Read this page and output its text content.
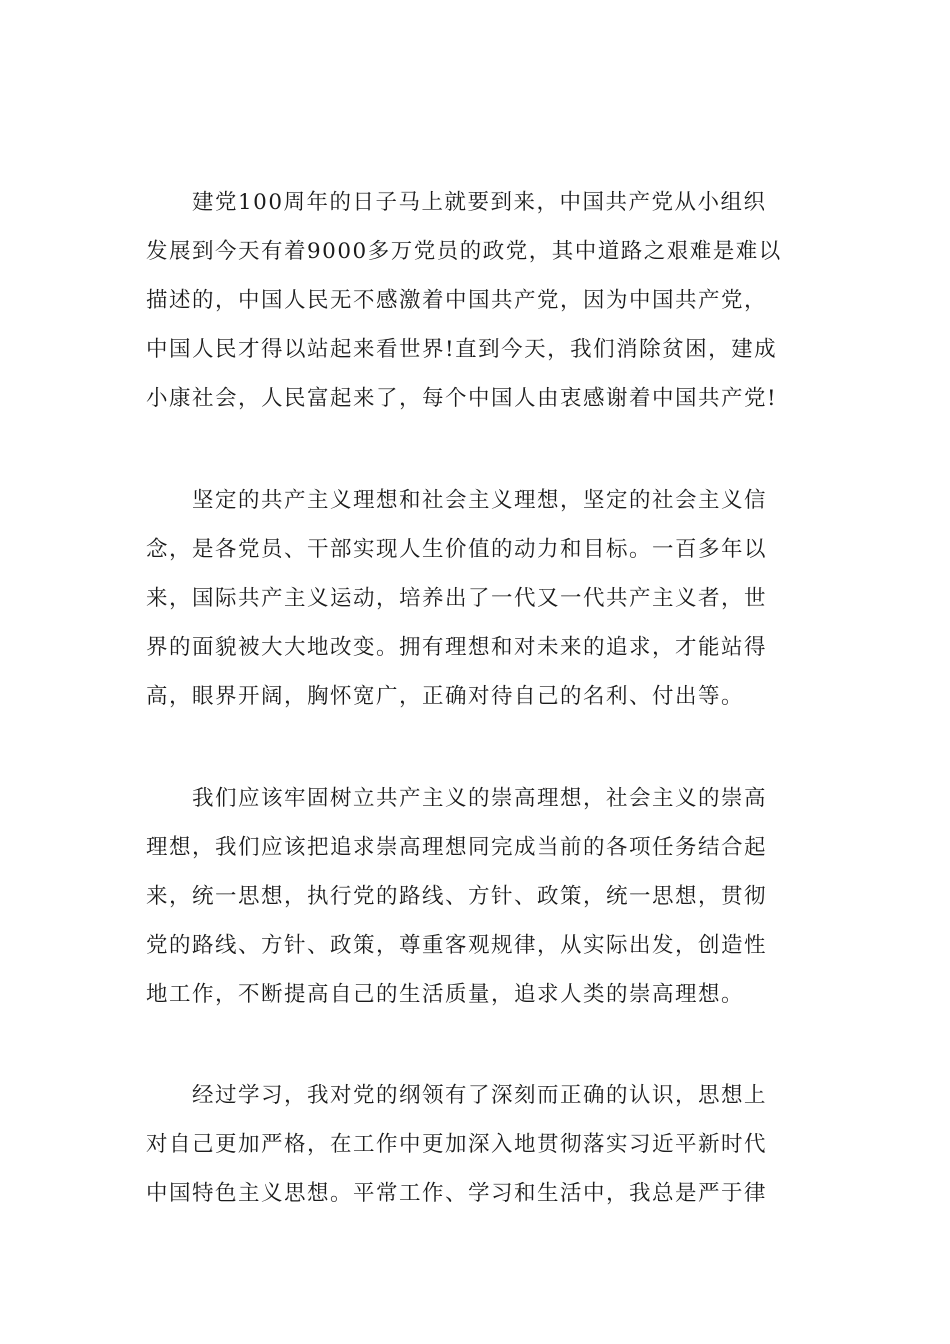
建党100周年的日子马上就要到来，中国共产党从小组织
发展到今天有着9000多万党员的政党，其中道路之艰难是难以
描述的，中国人民无不感激着中国共产党，因为中国共产党，
中国人民才得以站起来看世界!直到今天，我们消除贫困，建成
小康社会，人民富起来了，每个中国人由衷感谢着中国共产党!
坚定的共产主义理想和社会主义理想，坚定的社会主义信
念，是各党员、干部实现人生价值的动力和目标。一百多年以
来，国际共产主义运动，培养出了一代又一代共产主义者，世
界的面貌被大大地改变。拥有理想和对未来的追求，才能站得
高，眼界开阔，胸怀宽广，正确对待自己的名利、付出等。
我们应该牢固树立共产主义的崇高理想，社会主义的崇高
理想，我们应该把追求崇高理想同完成当前的各项任务结合起
来，统一思想，执行党的路线、方针、政策，统一思想，贯彻
党的路线、方针、政策，尊重客观规律，从实际出发，创造性
地工作，不断提高自己的生活质量，追求人类的崇高理想。
经过学习，我对党的纲领有了深刻而正确的认识，思想上
对自己更加严格，在工作中更加深入地贯彻落实习近平新时代
中国特色主义思想。平常工作、学习和生活中，我总是严于律
